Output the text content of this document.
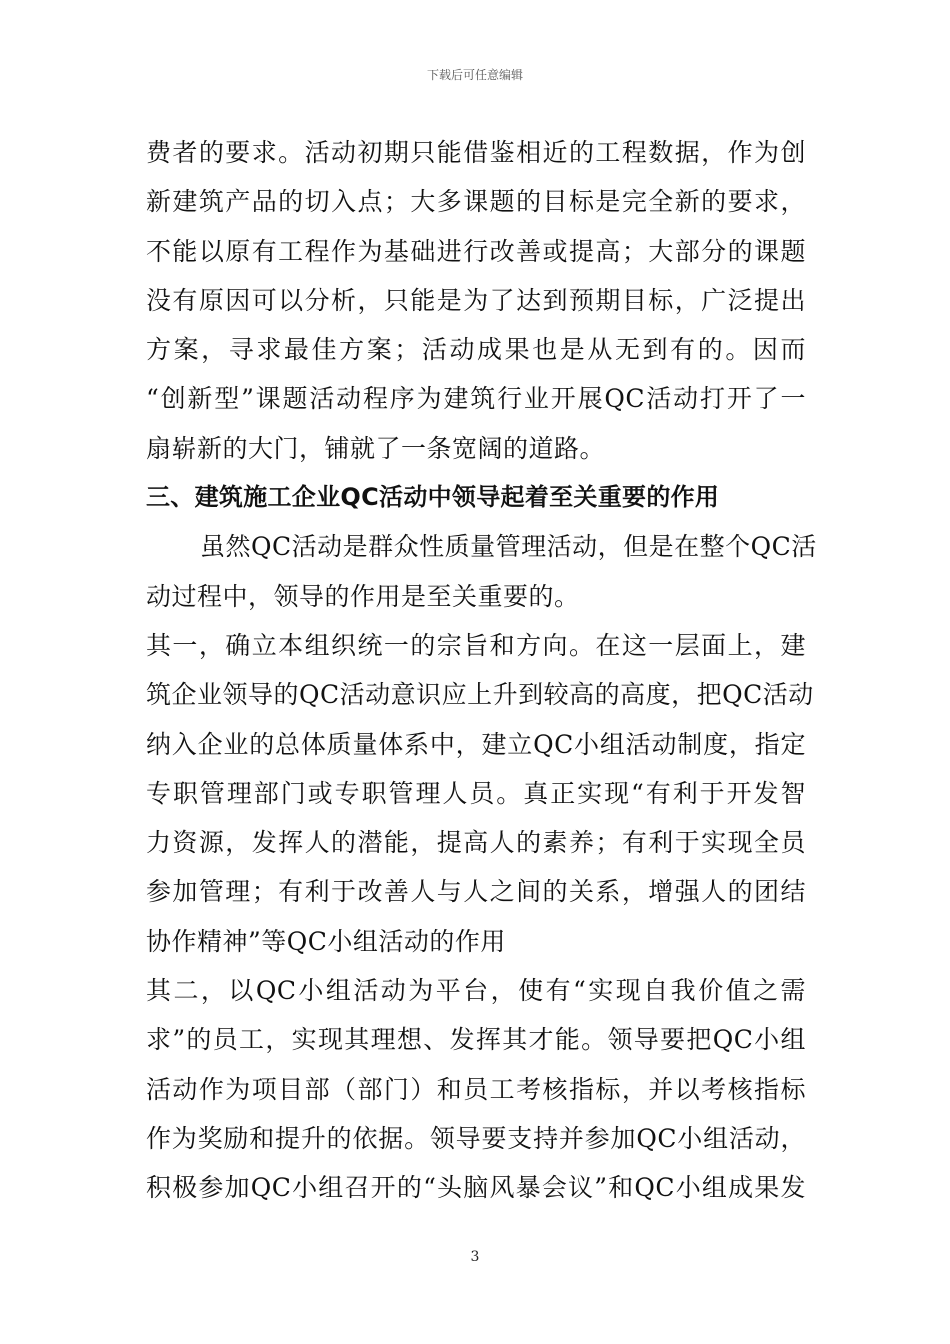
下载后可任意编辑
费者的要求。活动初期只能借鉴相近的工程数据，作为创
新建筑产品的切入点；大多课题的目标是完全新的要求，
不能以原有工程作为基础进行改善或提高；大部分的课题
没有原因可以分析，只能是为了达到预期目标，广泛提出
方案，寻求最佳方案；活动成果也是从无到有的。因而
“创新型”课题活动程序为建筑行业开展QC活动打开了一
扇崭新的大门，铺就了一条宽阔的道路。
三、建筑施工企业QC活动中领导起着至关重要的作用
虽然QC活动是群众性质量管理活动，但是在整个QC活
动过程中，领导的作用是至关重要的。
其一，确立本组织统一的宗旨和方向。在这一层面上，建
筑企业领导的QC活动意识应上升到较高的高度，把QC活动
纳入企业的总体质量体系中，建立QC小组活动制度，指定
专职管理部门或专职管理人员。真正实现“有利于开发智
力资源，发挥人的潜能，提高人的素养；有利于实现全员
参加管理；有利于改善人与人之间的关系，增强人的团结
协作精神”等QC小组活动的作用
其二，以QC小组活动为平台，使有“实现自我价值之需
求”的员工，实现其理想、发挥其才能。领导要把QC小组
活动作为项目部（部门）和员工考核指标，并以考核指标
作为奖励和提升的依据。领导要支持并参加QC小组活动，
积极参加QC小组召开的“头脑风暴会议”和QC小组成果发
3
